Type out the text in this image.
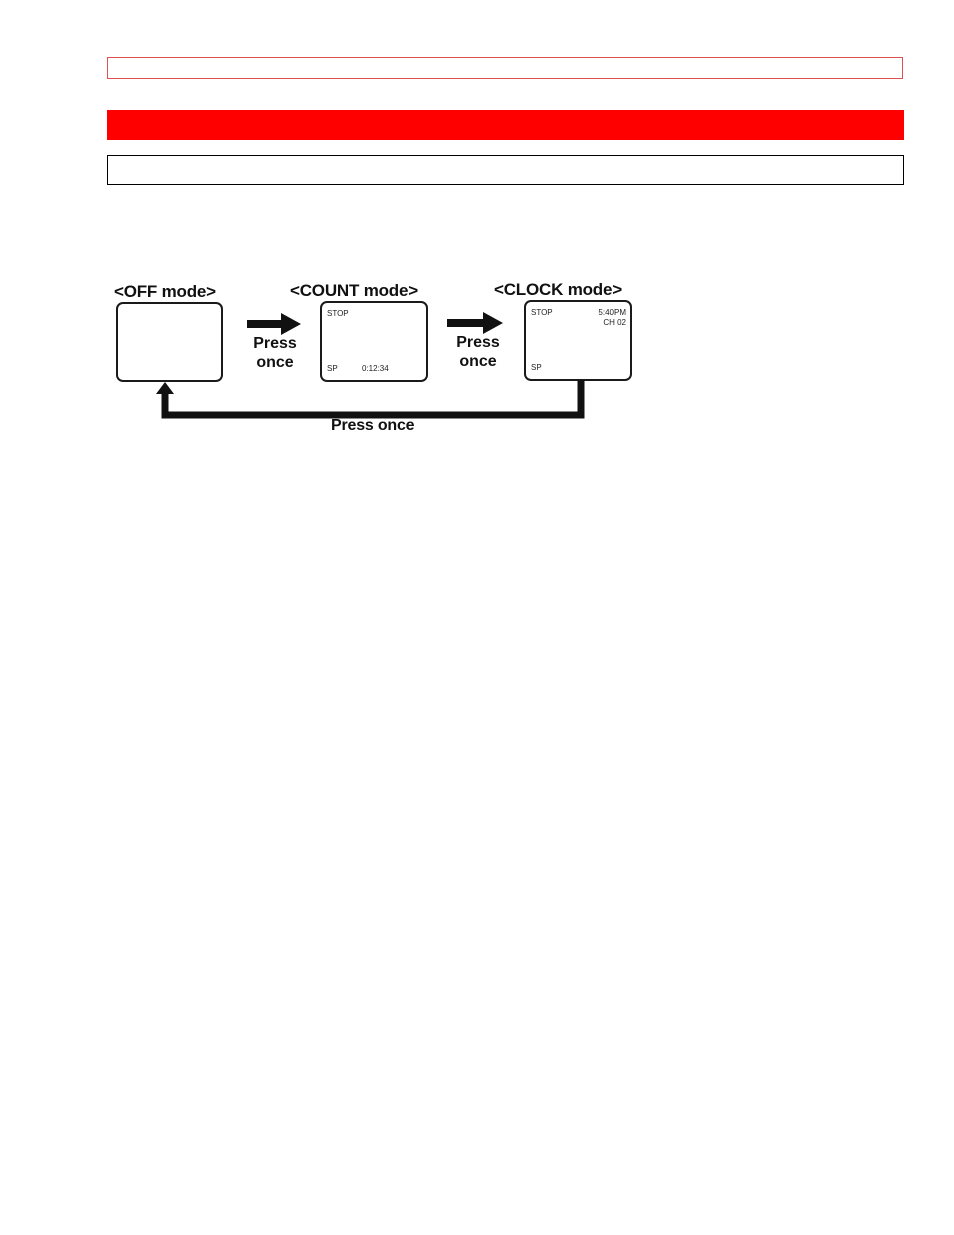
<OFF mode>
Press
once
<COUNT mode>
STOP
SP	0:12:34
Press
once
<CLOCK mode>
STOP	5:40PM
CH 02
SP
Press once
